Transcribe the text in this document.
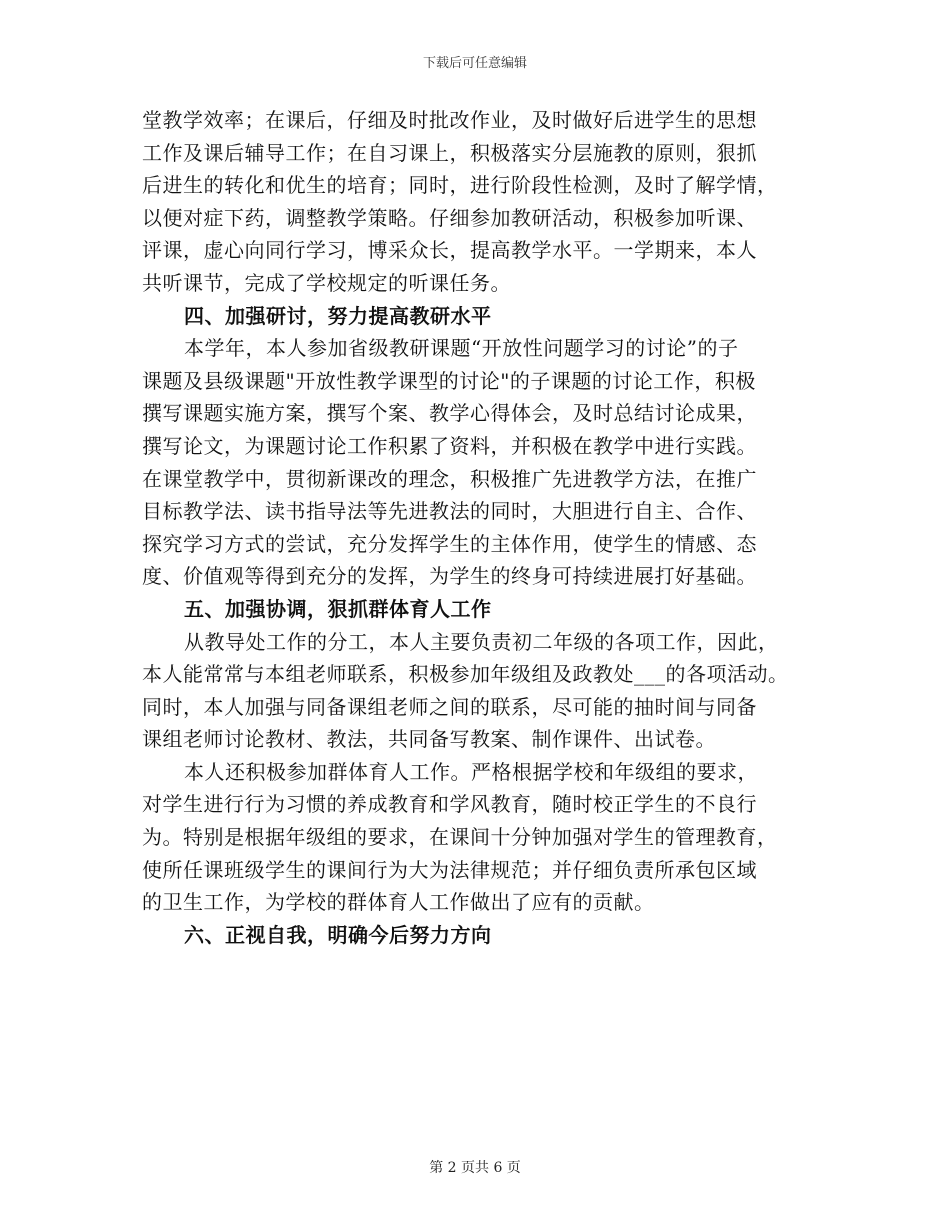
下载后可任意编辑
堂教学效率；在课后，仔细及时批改作业，及时做好后进学生的思想
工作及课后辅导工作；在自习课上，积极落实分层施教的原则，狠抓
后进生的转化和优生的培育；同时，进行阶段性检测，及时了解学情，
以便对症下药，调整教学策略。仔细参加教研活动，积极参加听课、
评课，虚心向同行学习，博采众长，提高教学水平。一学期来，本人
共听课节，完成了学校规定的听课任务。
四、加强研讨，努力提高教研水平
本学年，本人参加省级教研课题“开放性问题学习的讨论”的子
课题及县级课题"开放性教学课型的讨论"的子课题的讨论工作，积极
撰写课题实施方案，撰写个案、教学心得体会，及时总结讨论成果，
撰写论文，为课题讨论工作积累了资料，并积极在教学中进行实践。
在课堂教学中，贯彻新课改的理念，积极推广先进教学方法，在推广
目标教学法、读书指导法等先进教法的同时，大胆进行自主、合作、
探究学习方式的尝试，充分发挥学生的主体作用，使学生的情感、态
度、价值观等得到充分的发挥，为学生的终身可持续进展打好基础。
五、加强协调，狠抓群体育人工作
从教导处工作的分工，本人主要负责初二年级的各项工作，因此，
本人能常常与本组老师联系，积极参加年级组及政教处___的各项活动。
同时，本人加强与同备课组老师之间的联系，尽可能的抽时间与同备
课组老师讨论教材、教法，共同备写教案、制作课件、出试卷。
本人还积极参加群体育人工作。严格根据学校和年级组的要求，
对学生进行行为习惯的养成教育和学风教育，随时校正学生的不良行
为。特别是根据年级组的要求，在课间十分钟加强对学生的管理教育，
使所任课班级学生的课间行为大为法律规范；并仔细负责所承包区域
的卫生工作，为学校的群体育人工作做出了应有的贡献。
六、正视自我，明确今后努力方向
第 2 页共 6 页
